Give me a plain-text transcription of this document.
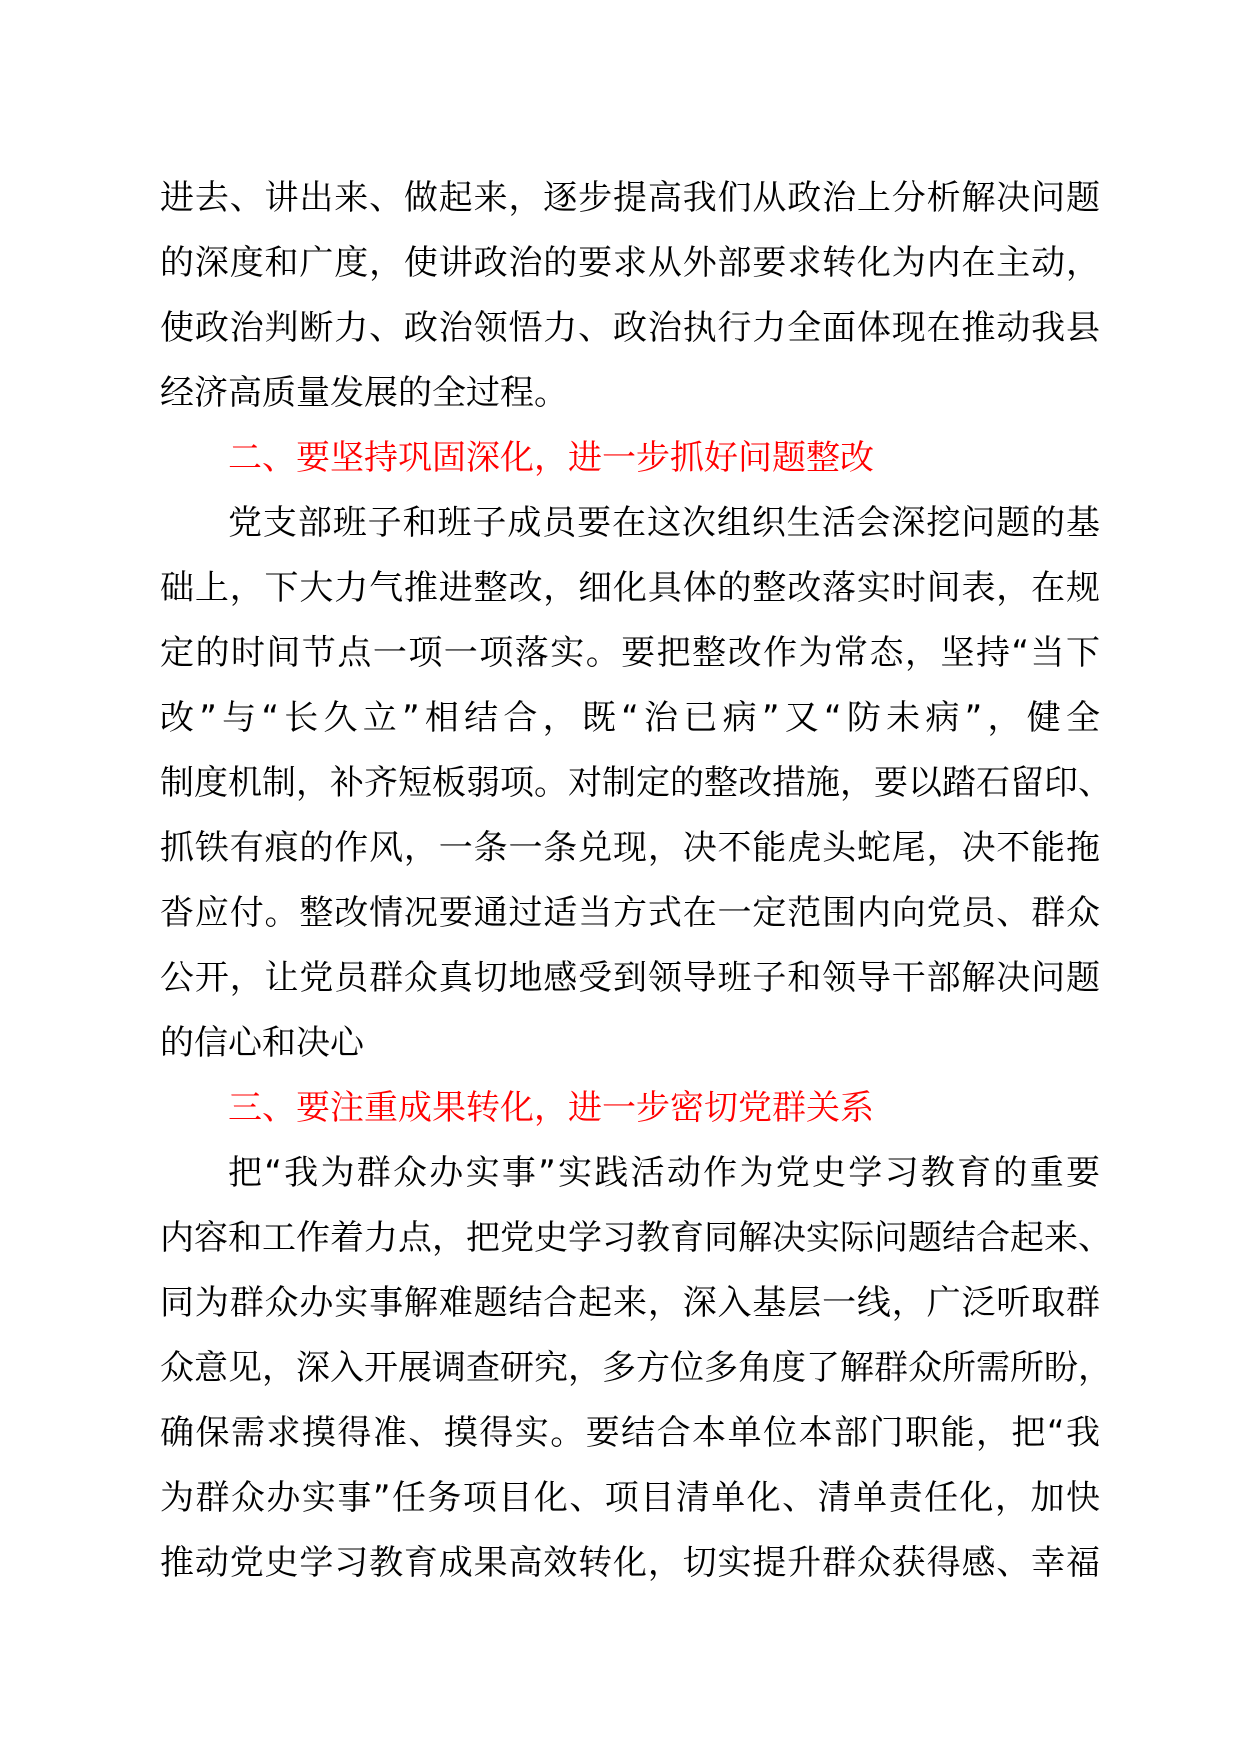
进去、讲出来、做起来，逐步提高我们从政治上分析解决问题
的深度和广度，使讲政治的要求从外部要求转化为内在主动，
使政治判断力、政治领悟力、政治执行力全面体现在推动我县
经济高质量发展的全过程。
二、要坚持巩固深化，进一步抓好问题整改
党支部班子和班子成员要在这次组织生活会深挖问题的基
础上，下大力气推进整改，细化具体的整改落实时间表，在规
定的时间节点一项一项落实。要把整改作为常态，坚持“当下
改”与“长久立”相结合，既“治已病”又“防未病”，健全
制度机制，补齐短板弱项。对制定的整改措施，要以踏石留印、
抓铁有痕的作风，一条一条兑现，决不能虎头蛇尾，决不能拖
沓应付。整改情况要通过适当方式在一定范围内向党员、群众
公开，让党员群众真切地感受到领导班子和领导干部解决问题
的信心和决心
三、要注重成果转化，进一步密切党群关系
把“我为群众办实事”实践活动作为党史学习教育的重要
内容和工作着力点，把党史学习教育同解决实际问题结合起来、
同为群众办实事解难题结合起来，深入基层一线，广泛听取群
众意见，深入开展调查研究，多方位多角度了解群众所需所盼，
确保需求摸得准、摸得实。要结合本单位本部门职能，把“我
为群众办实事”任务项目化、项目清单化、清单责任化，加快
推动党史学习教育成果高效转化，切实提升群众获得感、幸福
